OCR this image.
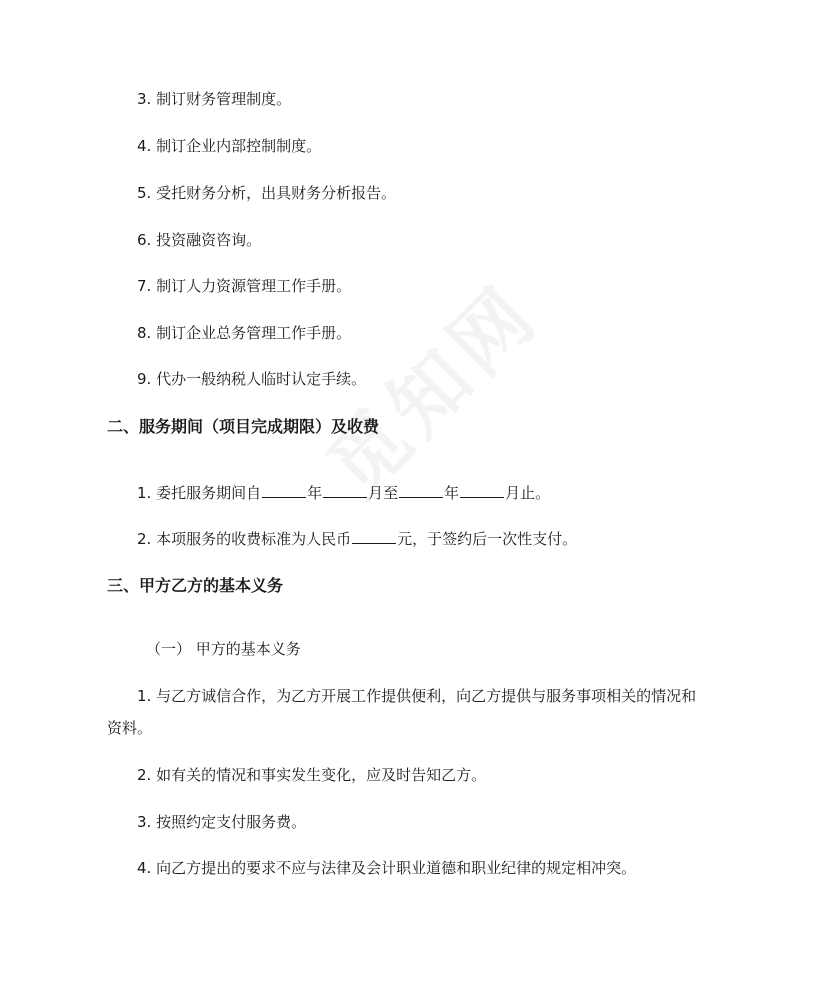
3. 制订财务管理制度。
4. 制订企业内部控制制度。
5. 受托财务分析，出具财务分析报告。
6. 投资融资咨询。
7. 制订人力资源管理工作手册。
8. 制订企业总务管理工作手册。
9. 代办一般纳税人临时认定手续。
二、服务期间（项目完成期限）及收费
1. 委托服务期间自	年	月至	年	月止。
2. 本项服务的收费标准为人民币	元，于签约后一次性支付。
三、甲方乙方的基本义务
（一） 甲方的基本义务
1. 与乙方诚信合作，为乙方开展工作提供便利，向乙方提供与服务事项相关的情况和
资料。
2. 如有关的情况和事实发生变化，应及时告知乙方。
3. 按照约定支付服务费。
4. 向乙方提出的要求不应与法律及会计职业道德和职业纪律的规定相冲突。
